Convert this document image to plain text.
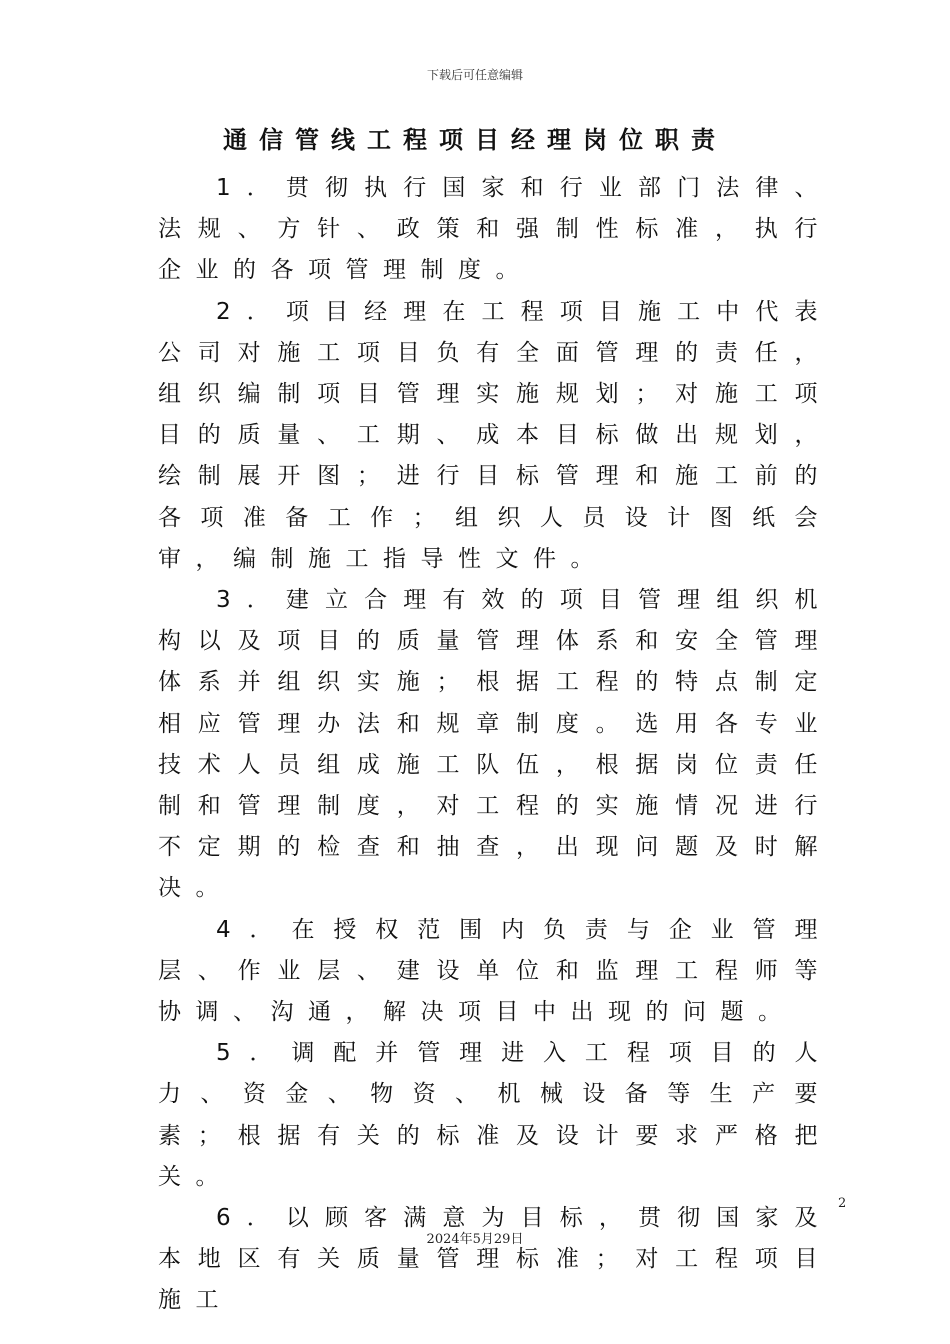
下载后可任意编辑
通信管线工程项目经理岗位职责

1．贯彻执行国家和行业部门法律、法规、方针、政策和强制性标准，执行企业的各项管理制度。

2．项目经理在工程项目施工中代表公司对施工项目负有全面管理的责任，组织编制项目管理实施规划；对施工项目的质量、工期、成本目标做出规划，绘制展开图；进行目标管理和施工前的各项准备工作；组织人员设计图纸会审，编制施工指导性文件。

3．建立合理有效的项目管理组织机构以及项目的质量管理体系和安全管理体系并组织实施；根据工程的特点制定相应管理办法和规章制度。选用各专业技术人员组成施工队伍，根据岗位责任制和管理制度，对工程的实施情况进行不定期的检查和抽查，出现问题及时解决。

4．在授权范围内负责与企业管理层、作业层、建设单位和监理工程师等协调、沟通，解决项目中出现的问题。

5．调配并管理进入工程项目的人力、资金、物资、机械设备等生产要素；根据有关的标准及设计要求严格把关。

6．以顾客满意为目标，贯彻国家及本地区有关质量管理标准；对工程项目施工

2
2024年5月29日
